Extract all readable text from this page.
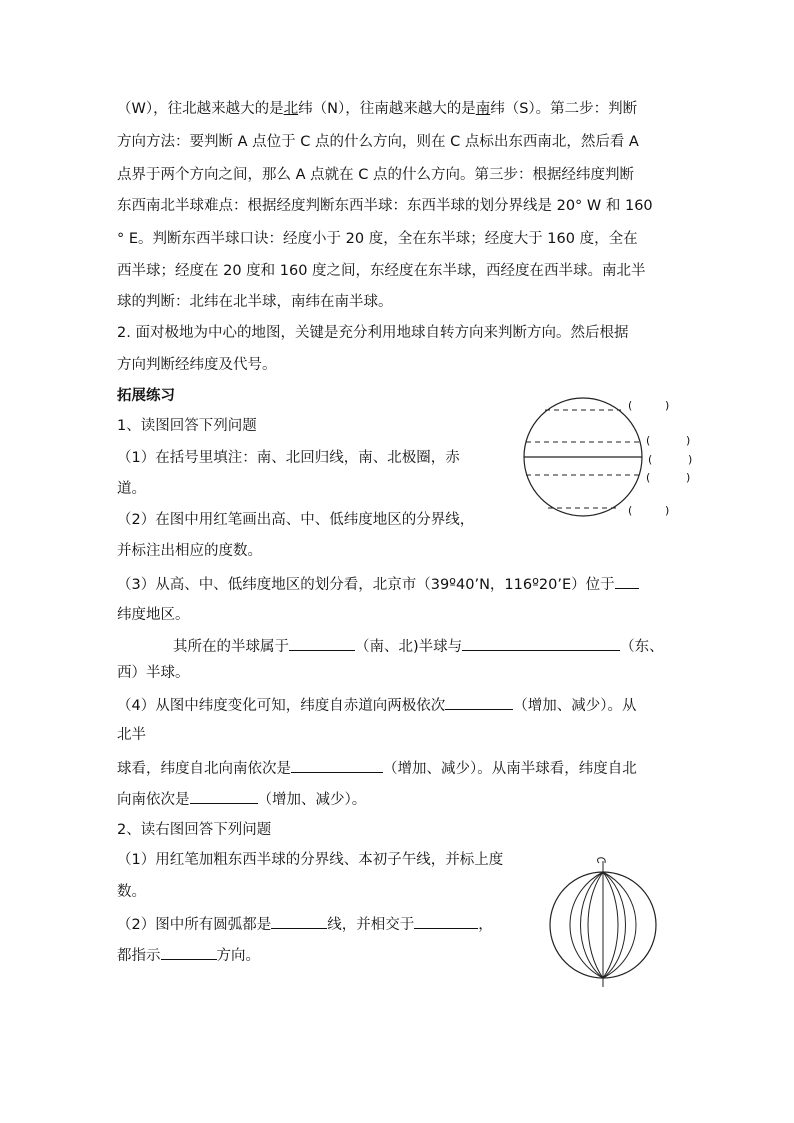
（W），往北越来越大的是北纬（N），往南越来越大的是南纬（S）。第二步：判断
方向方法：要判断 A 点位于 C 点的什么方向，则在 C 点标出东西南北，然后看 A
点界于两个方向之间，那么 A 点就在 C 点的什么方向。第三步：根据经纬度判断
东西南北半球难点：根据经度判断东西半球：东西半球的划分界线是 20° W 和 160
° E。判断东西半球口诀：经度小于 20 度，全在东半球；经度大于 160 度，全在
西半球；经度在 20 度和 160 度之间，东经度在东半球，西经度在西半球。南北半
球的判断：北纬在北半球，南纬在南半球。
2. 面对极地为中心的地图，关键是充分利用地球自转方向来判断方向。然后根据
方向判断经纬度及代号。
拓展练习
1、读图回答下列问题
（1）在括号里填注：南、北回归线，南、北极圈，赤
道。
（2）在图中用红笔画出高、中、低纬度地区的分界线，
并标注出相应的度数。
（3）从高、中、低纬度地区的划分看，北京市（39º40’N，116º20’E）位于
纬度地区。
其所在的半球属于	（南、北)半球与	（东、
西）半球。
（4）从图中纬度变化可知，纬度自赤道向两极依次	（增加、减少）。从
北半
球看，纬度自北向南依次是	（增加、减少）。从南半球看，纬度自北
向南依次是	（增加、减少）。
2、读右图回答下列问题
（1）用红笔加粗东西半球的分界线、本初子午线，并标上度
数。
（2）图中所有圆弧都是	线，并相交于	，
都指示	方向。
(	)
(	)
(	)
(	)
(	)
